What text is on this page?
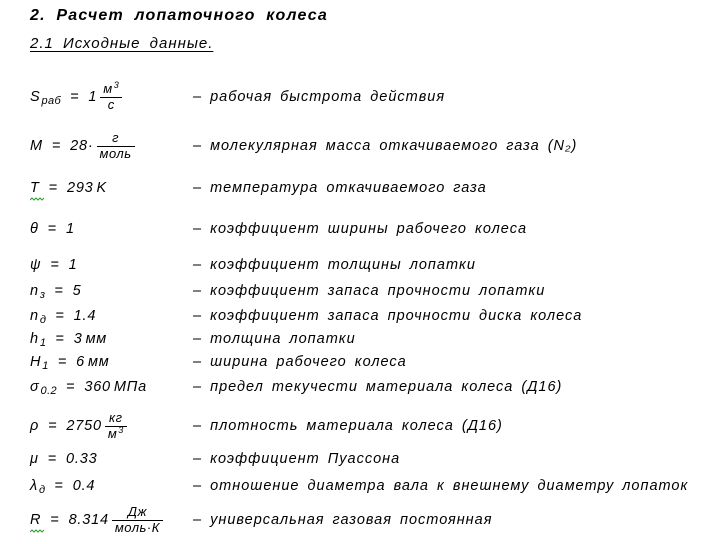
2. Расчет лопаточного колеса
2.1 Исходные данные.
S раб = $1 \frac{м^3}{с}$	– рабочая быстрота действия
$M = 28\cdot \frac{г}{\text{моль}}$	– молекулярная масса откачиваемого газа (N₂)
T = 293 K	– температура откачиваемого газа
θ = 1	– коэффициент ширины рабочего колеса
ψ = 1	– коэффициент толщины лопатки
n з = 5	– коэффициент запаса прочности лопатки
n д = 1.4	– коэффициент запаса прочности диска колеса
h 1 = 3 мм	– толщина лопатки
H 1 = 6 мм	– ширина рабочего колеса
σ 0.2 = 360 МПа	– предел текучести материала колеса (Д16)
$\rho = 2750 \frac{кг}{м^3}$	– плотность материала колеса (Д16)
μ = 0.33	– коэффициент Пуассона
λ д = 0.4	– отношение диаметра вала к внешнему диаметру лопаток
$R = 8.314 \frac{Дж}{\text{моль·К}}$ – универсальная газовая постоянная
